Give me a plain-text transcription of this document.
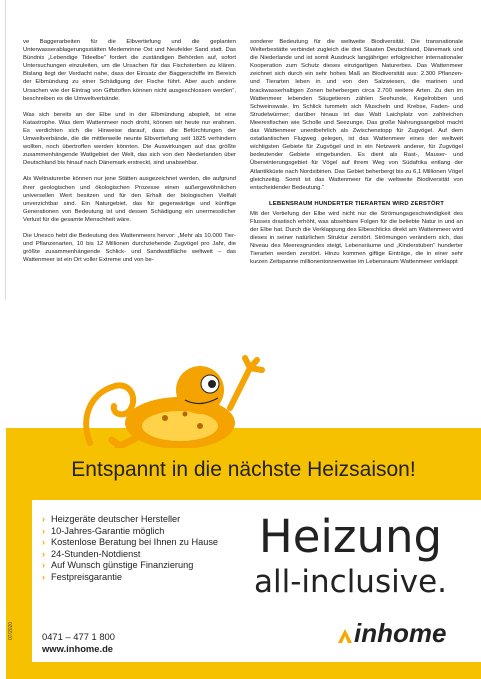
ve Baggerarbeiten für die Elbvertiefung und die geplanten Unterwasserablagerungsstätten Medemrinne Ost und Neufelder Sand statt. Das Bündnis „Lebendige Tideelbe“ fordert die zuständigen Behörden auf, sofort Untersuchungen einzuleiten, um die Ursachen für das Fischsterben zu klären. Bislang liegt der Verdacht nahe, dass der Einsatz der Baggerschiffe im Bereich der Elbmündung zu einer Schädigung der Fische führt. Aber auch andere Ursachen wie der Eintrag von Giftstoffen können nicht ausgeschlossen werden“, beschreiben es die Umweltverbände.

Was sich bereits an der Elbe und in der Elbmündung abspielt, ist eine Katastrophe. Was dem Wattenmeer noch droht, können wir heute nur erahnen. Es verdichten sich die Hinweise darauf, dass die Befürchtungen der Umweltverbände, die die mittlerweile neunte Elbvertiefung seit 1825 verhindern wollten, noch übertroffen werden könnten. Die Auswirkungen auf das größte zusammenhängende Wattgebiet der Welt, das sich von den Niederlanden über Deutschland bis hinauf nach Dänemark erstreckt, sind unabsehbar.

Als Weltnaturerbe können nur jene Stätten ausgezeichnet werden, die aufgrund ihrer geologischen und ökologischen Prozesse einen außergewöhnlichen universellen Wert besitzen und für den Erhalt der biologischen Vielfalt unverzichtbar sind. Ein Naturgebiet, das für gegenwärtige und künftige Generationen von Bedeutung ist und dessen Schädigung ein unermesslicher Verlust für die gesamte Menschheit wäre.

Die Unesco hebt die Bedeutung des Wattenmeers hervor: „Mehr als 10.000 Tier- und Pflanzenarten, 10 bis 12 Millionen durchziehende Zugvögel pro Jahr, die größte zusammenhängende Schlick- und Sandwattfläche weltweit – das Wattenmeer ist ein Ort voller Extreme und von be-

sonderer Bedeutung für die weltweite Biodiversität. Die transnationale Welterbestätte verbindet zugleich die drei Staaten Deutschland, Dänemark und die Niederlande und ist somit Ausdruck langjähriger erfolgreicher internationaler Kooperation zum Schutz dieses einzigartigen Naturerbes. Das Wattenmeer zeichnet sich durch ein sehr hohes Maß an Biodiversität aus: 2.300 Pflanzen- und Tierarten leben in und von den Salzwiesen, die marinen und brackwasserhaltigen Zonen beherbergen circa 2.700 weitere Arten. Zu den im Wattenmeer lebenden Säugetieren zählen Seehunde, Kegelrobben und Schweinswale. Im Schlick tummeln sich Muscheln und Krebse, Faden- und Strudelwürmer; darüber hinaus ist das Watt Laichplatz von zahlreichen Meeresfischen wie Scholle und Seezunge. Das große Nahrungsangebot macht das Wattenmeer unentbehrlich als Zwischenstopp für Zugvögel. Auf dem ostatlantischen Flugweg gelegen, ist das Wattenmeer eines der weltweit wichtigsten Gebiete für Zugvögel und in ein Netzwerk anderer, für Zugvögel bedeutender Gebiete eingebunden. Es dient als Rast-, Mauser- und Überwinterungsgebiet für Vögel auf ihrem Weg von Südafrika entlang der Atlantikküste nach Nordsibirien. Das Gebiet beherbergt bis zu 6,1 Millionen Vögel gleichzeitig. Somit ist das Wattenmeer für die weltweite Biodiversität von entscheidender Bedeutung.“

LEBENSRAUM HUNDERTER TIERARTEN WIRD ZERSTÖRT

Mit der Vertiefung der Elbe wird nicht nur die Strömungsgeschwindigkeit des Flusses drastisch erhöht, was absehbare Folgen für die beliebte Natur in und an der Elbe hat. Durch die Verklappung des Elbeschlicks direkt am Wattenmeer wird dieses in seiner natürlichen Struktur zerstört. Strömungen verändern sich, das Niveau des Meeresgrundes steigt, Lebensräume und „Kinderstuben“ hunderter Tierarten werden zerstört. Hinzu kommen giftige Einträge, die in einer sehr kurzen Zeitspanne millionentonnenweise im Lebensraum Wattenmeer verklappt

Entspannt in die nächste Heizsaison!
› Heizgeräte deutscher Hersteller
› 10-Jahres-Garantie möglich
› Kostenlose Beratung bei Ihnen zu Hause
› 24-Stunden-Notdienst
› Auf Wunsch günstige Finanzierung
› Festpreisgarantie
0471 – 477 1 800
www.inhome.de
Heizung
all-inclusive.
inhome
07/2020
